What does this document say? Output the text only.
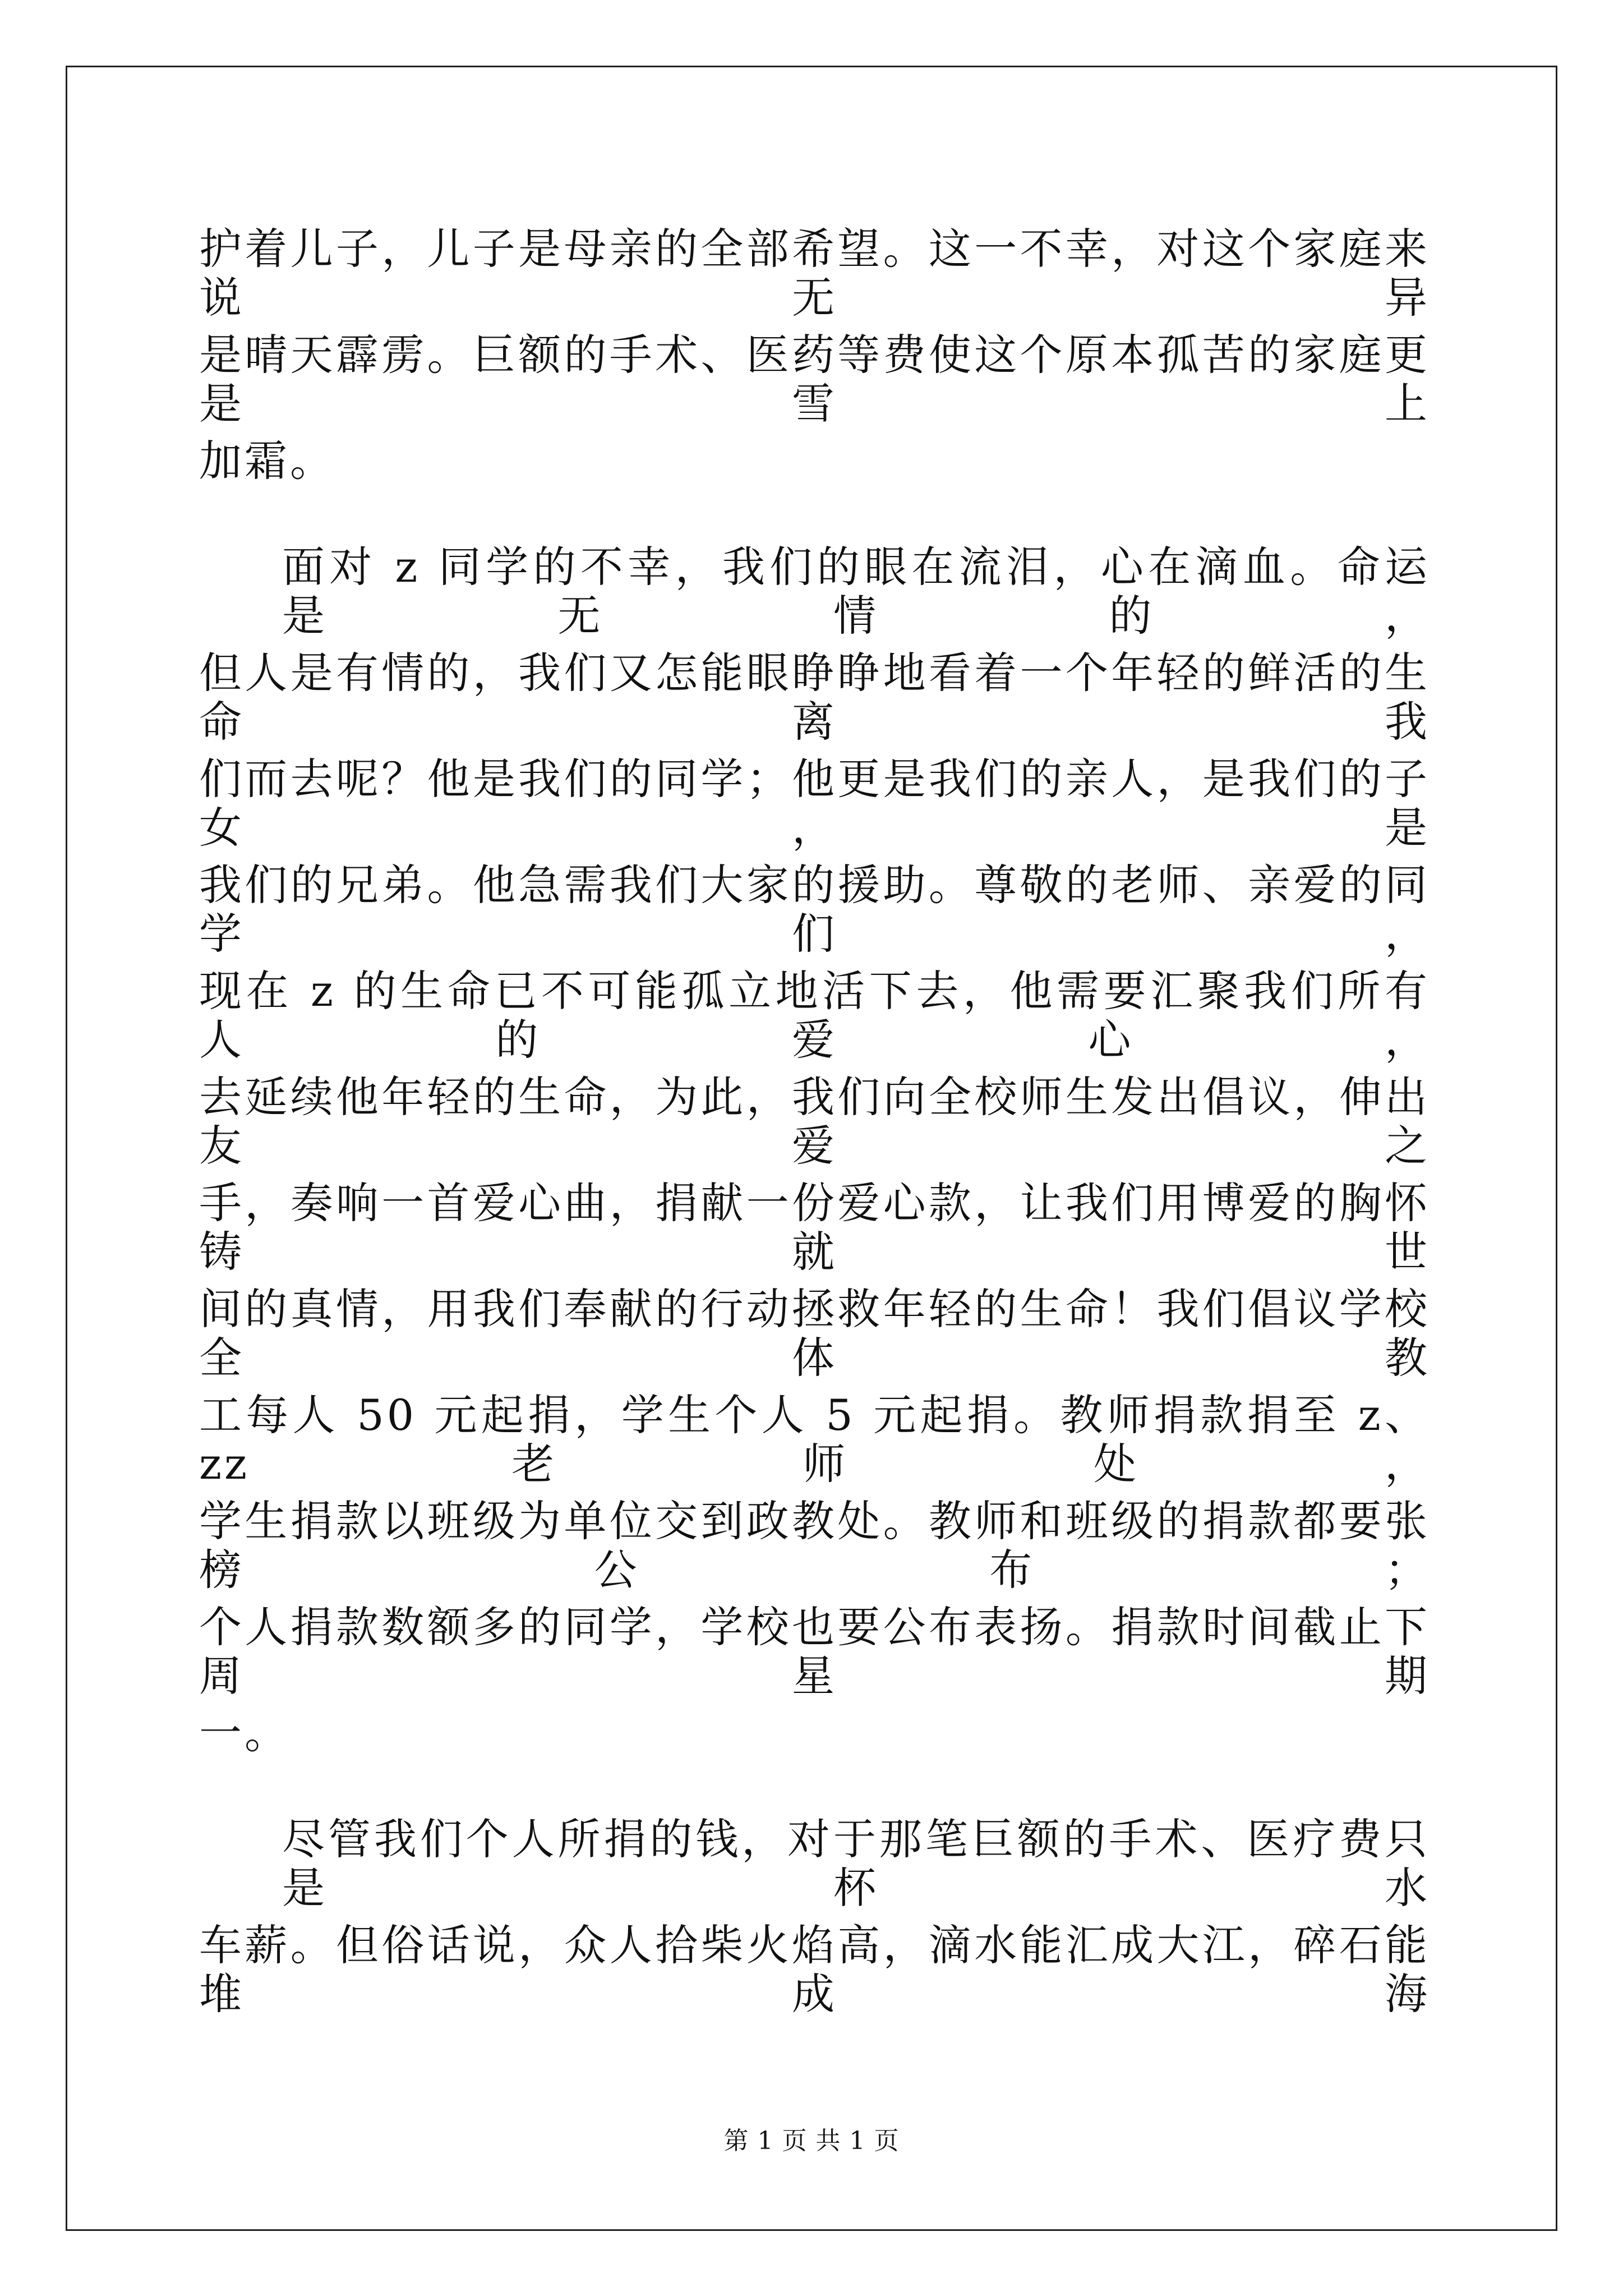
护着儿子，儿子是母亲的全部希望。这一不幸，对这个家庭来说无异
是晴天霹雳。巨额的手术、医药等费使这个原本孤苦的家庭更是雪上
加霜。
面对 z 同学的不幸，我们的眼在流泪，心在滴血。命运是无情的，
但人是有情的，我们又怎能眼睁睁地看着一个年轻的鲜活的生命离我
们而去呢？他是我们的同学；他更是我们的亲人，是我们的子女，是
我们的兄弟。他急需我们大家的援助。尊敬的老师、亲爱的同学们，
现在 z 的生命已不可能孤立地活下去，他需要汇聚我们所有人的爱心，
去延续他年轻的生命，为此，我们向全校师生发出倡议，伸出友爱之
手，奏响一首爱心曲，捐献一份爱心款，让我们用博爱的胸怀铸就世
间的真情，用我们奉献的行动拯救年轻的生命！我们倡议学校全体教
工每人 50 元起捐，学生个人 5 元起捐。教师捐款捐至 z、zz 老师处，
学生捐款以班级为单位交到政教处。教师和班级的捐款都要张榜公布；
个人捐款数额多的同学，学校也要公布表扬。捐款时间截止下周星期
一。
尽管我们个人所捐的钱，对于那笔巨额的手术、医疗费只是杯水
车薪。但俗话说，众人拾柴火焰高，滴水能汇成大江，碎石能堆成海
第 1 页 共 1 页
